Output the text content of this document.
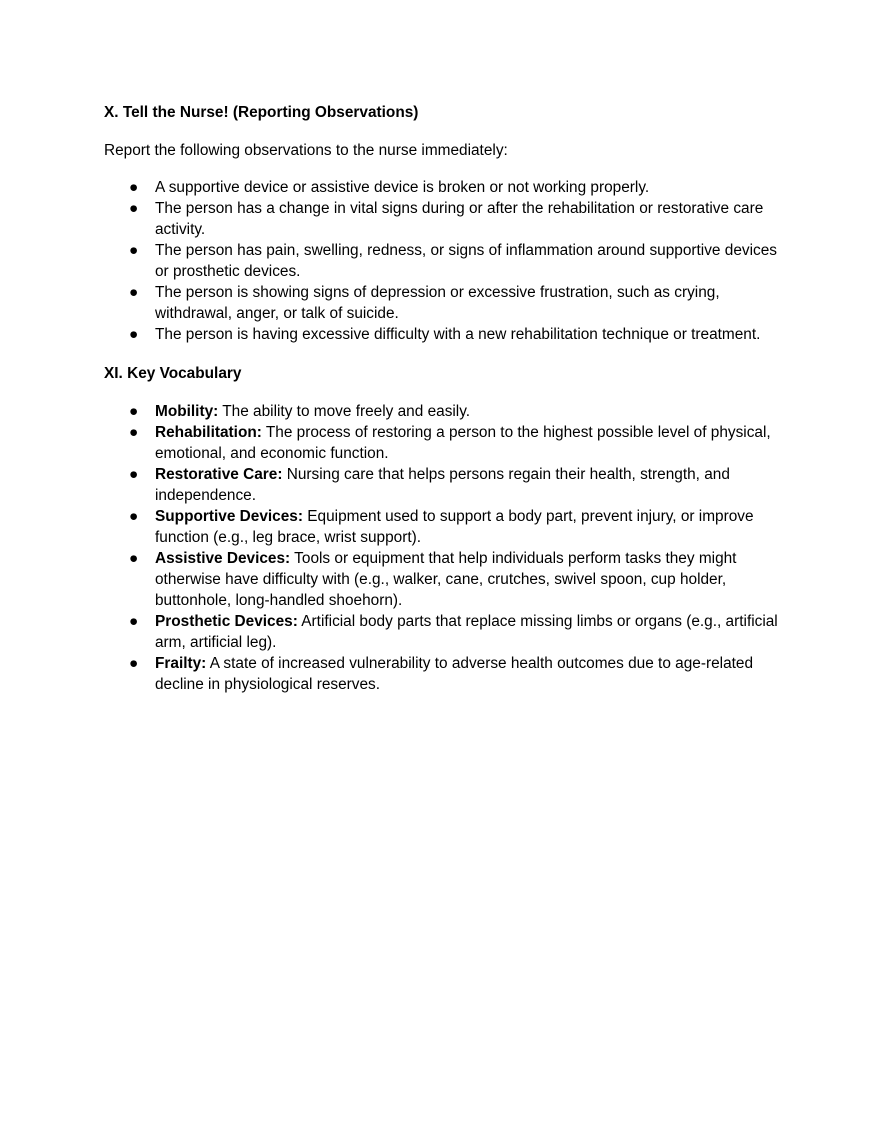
X. Tell the Nurse! (Reporting Observations)

Report the following observations to the nurse immediately:

●	A supportive device or assistive device is broken or not working properly.
●	The person has a change in vital signs during or after the rehabilitation or restorative care activity.
●	The person has pain, swelling, redness, or signs of inflammation around supportive devices or prosthetic devices.
●	The person is showing signs of depression or excessive frustration, such as crying, withdrawal, anger, or talk of suicide.
●	The person is having excessive difficulty with a new rehabilitation technique or treatment.
XI. Key Vocabulary
●	Mobility: The ability to move freely and easily.
●	Rehabilitation: The process of restoring a person to the highest possible level of physical, emotional, and economic function.
●	Restorative Care: Nursing care that helps persons regain their health, strength, and independence.
●	Supportive Devices: Equipment used to support a body part, prevent injury, or improve function (e.g., leg brace, wrist support).
●	Assistive Devices: Tools or equipment that help individuals perform tasks they might otherwise have difficulty with (e.g., walker, cane, crutches, swivel spoon, cup holder, buttonhole, long-handled shoehorn).
●	Prosthetic Devices: Artificial body parts that replace missing limbs or organs (e.g., artificial arm, artificial leg).
●	Frailty: A state of increased vulnerability to adverse health outcomes due to age-related decline in physiological reserves.
